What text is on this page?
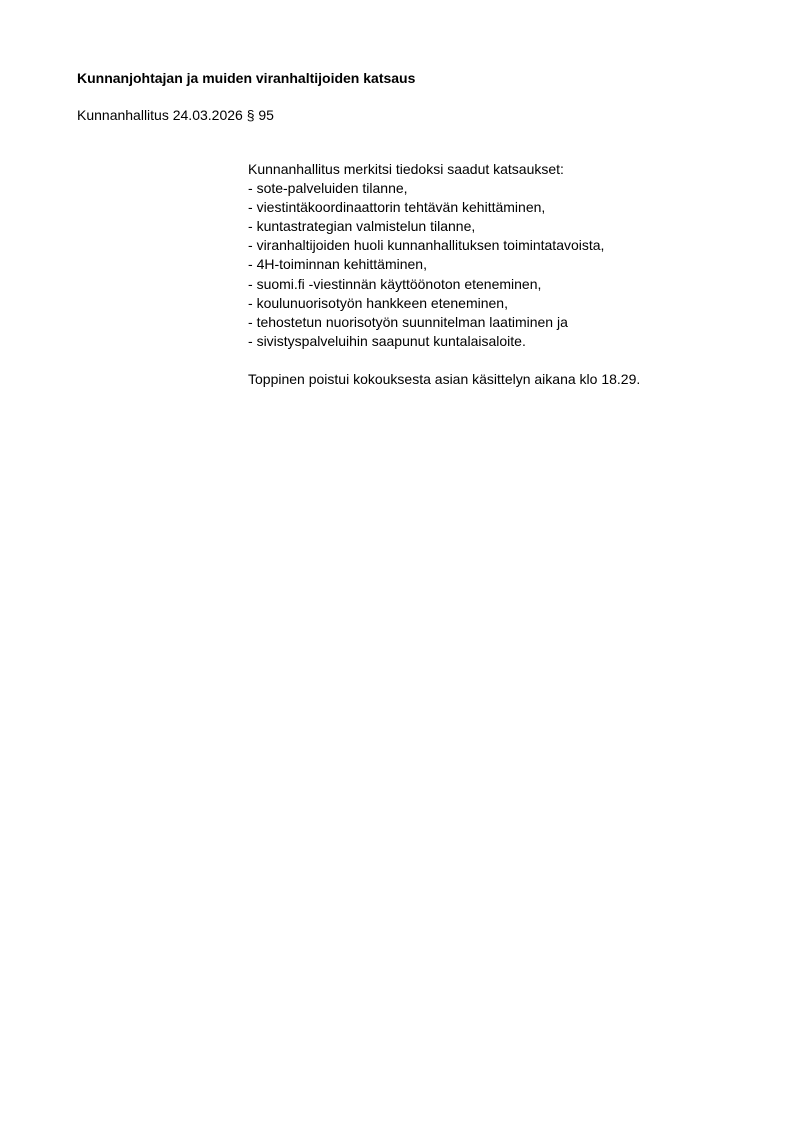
Kunnanjohtajan ja muiden viranhaltijoiden katsaus
Kunnanhallitus 24.03.2026 § 95

Kunnanhallitus merkitsi tiedoksi saadut katsaukset:

- sote-palveluiden tilanne,
- viestintäkoordinaattorin tehtävän kehittäminen,
- kuntastrategian valmistelun tilanne,
- viranhaltijoiden huoli kunnanhallituksen toimintatavoista,
- 4H-toiminnan kehittäminen,
- suomi.fi -viestinnän käyttöönoton eteneminen,
- koulunuorisotyön hankkeen eteneminen,
- tehostetun nuorisotyön suunnitelman laatiminen ja
- sivistyspalveluihin saapunut kuntalaisaloite.

Toppinen poistui kokouksesta asian käsittelyn aikana klo 18.29.
